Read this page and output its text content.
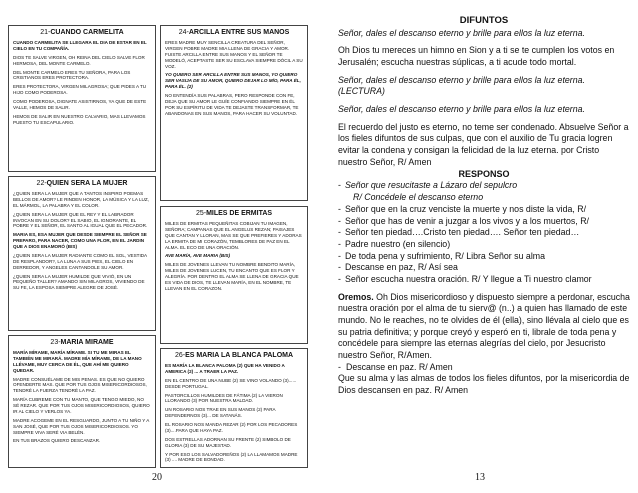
21-CUANDO CARMELITA

CUANDO CARMELITA SE LLEGARA EL DIA DE ESTAR EN EL CIELO EN TU COMPAÑÍA.

DIOS TE SALVE VIRGEN, OH REINA DEL CIELO SALVE FLOR HERMOSA, DEL MONTE CARMELO.

DEL MONTE CARMELO ERES TU SEÑORA, PARA LOS CRISTIANOS ERES PROTECTORA.

ERES PROTECTORA, VIRGEN MILAGROSA; QUE PIDES A TU HIJO COMO PODEROSA.

COMO PODEROSA, DIGNATE ASISTIRNOS, YA QUE DE ESTE VALLE, HEMOS DE SALIR.

HEMOS DE SALIR EN NUESTRO CALVARIO, MAS LLEVAMOS PUESTO TU ESCAPULARIO.

22-QUIEN SERA LA MUJER

¿QUIEN SERA LA MUJER QUE A TANTOS INSPIRO POEMAS BELLOS DE AMOR? LE RINDEN HONOR, LA MÚSICA Y LA LUZ, EL MÁRMOL, LA PALABRA Y EL COLOR.

¿QUIEN SERA LA MUJER QUE EL REY Y EL LABRADOR INVOCAN EN SU DOLOR? EL SABIO, EL IGNORANTE, EL POBRE Y EL SEÑOR, EL SANTO AL IGUAL QUE EL PECADOR.

MARIA ES, ESA MUJER QUE DESDE SIEMPRE EL SEÑOR SE PREPARO, PARA NACER, COMO UNA FLOR, EN EL JARDIN QUE A DIOS ENAMORÓ (BIS)

¿QUIEN SERA LA MUJER RADIANTE COMO EL SOL, VESTIDA DE RESPLANDOR?, LA LUNA A SUS PIES, EL CIELO EN DERREDOR, Y ANGELES CANTANDOLE SU AMOR.

¿QUIEN SERA LA MUJER HUMILDE QUE VIVIÓ, EN UN PEQUEÑO TALLER? AMANDO SIN MILAGROS, VIVIENDO DE SU FE, LA ESPOSA SIEMPRE ALEGRE DE JOSÉ.

23-MARIA MIRAME

MARÍA MÍRAME, MARÍA MÍRAME. SI TU ME MIRAS EL TAMBIÉN ME MIRARÁ. MADRE MÍA MÍRAME, DE LA MANO LLÉVAME, MUY CERCA DE ÉL, QUE AHÍ ME QUIERO QUEDAR.

MADRE CONSUÉLAME DE MIS PENAS. ES QUE NO QUIERO OFENDERTE MAS. QUE POR TUS OJOS MISERICORDIOSOS, TENDRÉ LA FUERZA TENDRÉ LA PAZ.

MARÍA CUBREME CON TU MANTO, QUE TENGO MIEDO, NO SÉ REZAR. QUE POR TUS OJOS MISERICORDIOSOS, QUIERO IR AL CIELO Y VERLOS YA.

MADRE ACOGEME EN EL RESGUARDO, JUNTO A TU NIÑO Y A SAN JOSÉ, QUE POR TUS OJOS MISERICORDIOSOS. YO SIEMPRE VIVA SERÉ VIA BELÉN.

EN TUS BRAZOS QUIERO DESCANZAR.

24-ARCILLA ENTRE SUS MANOS

ERES MADRE MUY SENCILLA CREATURA DEL SEÑOR, VIRGEN POBRE MADRE MIA LLENA DE GRACIA Y AMOR. FUISTE ARCILLA ENTRE SUS MANOS Y EL SEÑOR TE MODELÓ, ACEPTASTE SER SU ESCLAVA SIEMPRE DÓCIL A SU VOZ.

YO QUIERO SER ARCILLA ENTRE SUS MANOS, YO QUIERO SER VASIJA DE SU AMOR, QUIERO DEJAR LO MÍO, PARA ÉL, PARA ÉL. (2)

NO ENTENDÍA SUS PALABRAS, PERO RESPONDE CON FE, DEJA QUE SU AMOR LE GUÍE CONFIANDO SIEMPRE EN ÉL POR SU ESPÍRITU DE VIDA TE DEJASTE TRANSFORMAR, TE ABANDONAS EN SUS MANOS, PARA HACER SU VOLUNTAD.

25-MILES DE ERMITAS

MILES DE ERMITAS PEQUEÑITAS COBIJAN TU IMAGEN, SEÑORA; CAMPANAS QUE EL ANGELUS REZAN; PAISAJES QUE CANTAN Y LLORAN, MAS SE QUE PREFIERES Y ADORAS LA ERMITA DE MI CORAZÓN, TEMBLORES DE PAZ EN EL ALMA. EL ECO DE UNA ORACIÓN.

AVE MARÍA, AVE MARIA (BIS)

MILES DE JOVENES LLEVAN TU NOMBRE BENDITO MARÍA, MILES DE JOVENES LUCEN, TU ENCANTO QUE ES FLOR Y ALEGRÍA. POR DENTRO EL ALMA SE LLENA DE GRACIA QUE ES VIDA DE DIOS, TE LLEVAN MARÍA, EN EL NOMBRE, TE LLEVAN EN EL CORAZON.

26-ES MARIA LA BLANCA PALOMA

ES MARÍA LA BLANCA PALOMA (2) QUE HA VENIDO A AMERICA (2) ... A TRAER LA PAZ.

EN EL CENTRO DE UNA NUBE (2) SE VINO VOLANDO (3)...... DESDE PORTUGAL.

PASTORCILLOS HUMILDES DE FÁTIMA (2) LA VIERON LLORANDO (3) POR NUESTRA MALDAD.

UN ROSARIO NOS TRAE EN SUS MANOS (2) PARA DEFENDERNOS (3)... DE SATANÁS.

EL ROSARIO NOS MANDA REZAR (2) POR LOS PECADORES (3)....PARA QUE HAYA PAZ.

DOS ESTRELLAS ADORNAN SU FRENTE (2) SIMBOLO DE GLORIA (3) DE SU MAJESTAD.

Y POR ESO LOS SALVADOREÑOS (2) LA LLAMAMOS MADRE (3) .... MADRE DE BONDAD.

20

DIFUNTOS

Señor, dales el descanso eterno y brille para ellos la luz eterna.

Oh Dios tu mereces un himno en Sion y a ti se te cumplen los votos en Jerusalén; escucha nuestras súplicas, a ti acude todo mortal.

Señor, dales el descanso eterno y brille para ellos la luz eterna.

(LECTURA)

Señor, dales el descanso eterno y brille para ellos la luz eterna.

El recuerdo del justo es eterno, no teme ser condenado. Absuelve Señor a los fieles difuntos de sus culpas, que con el auxilio de Tu gracia logren evitar la condena y consigan la felicidad de la luz eterna. por Cristo nuestro Señor, R/ Amen

RESPONSO

- Señor que resucitaste a Lázaro del sepulcro
R/ Concédele el descanso eterno
- Señor que en la cruz venciste la muerte y nos diste la vida, R/
- Señor que has de venir a juzgar a los vivos y a los muertos, R/
- Señor ten piedad….Cristo ten piedad…. Señor ten piedad…
- Padre nuestro (en silencio)
- De toda pena y sufrimiento, R/ Libra Señor su alma
- Descanse en paz, R/ Así sea
- Señor escucha nuestra oración. R/ Y llegue a Ti nuestro clamor

Oremos. Oh Dios misericordioso y dispuesto siempre a perdonar, escucha nuestra oración por el alma de tu sierv@ (n..) a quien has llamado de este mundo. No le reaches, no te olvides de él (ella), sino llévala al cielo que es su patria definitiva; y porque creyó y esperó en ti, librale de toda pena y concédele para siempre las eternas alegrías del cielo, por Jesucristo nuestro Señor, R/Amen.

- Descanse en paz. R/ Amen

Que su alma y las almas de todos los fieles difuntos, por la misericordia de Dios descansen en paz. R/ Amen

13
